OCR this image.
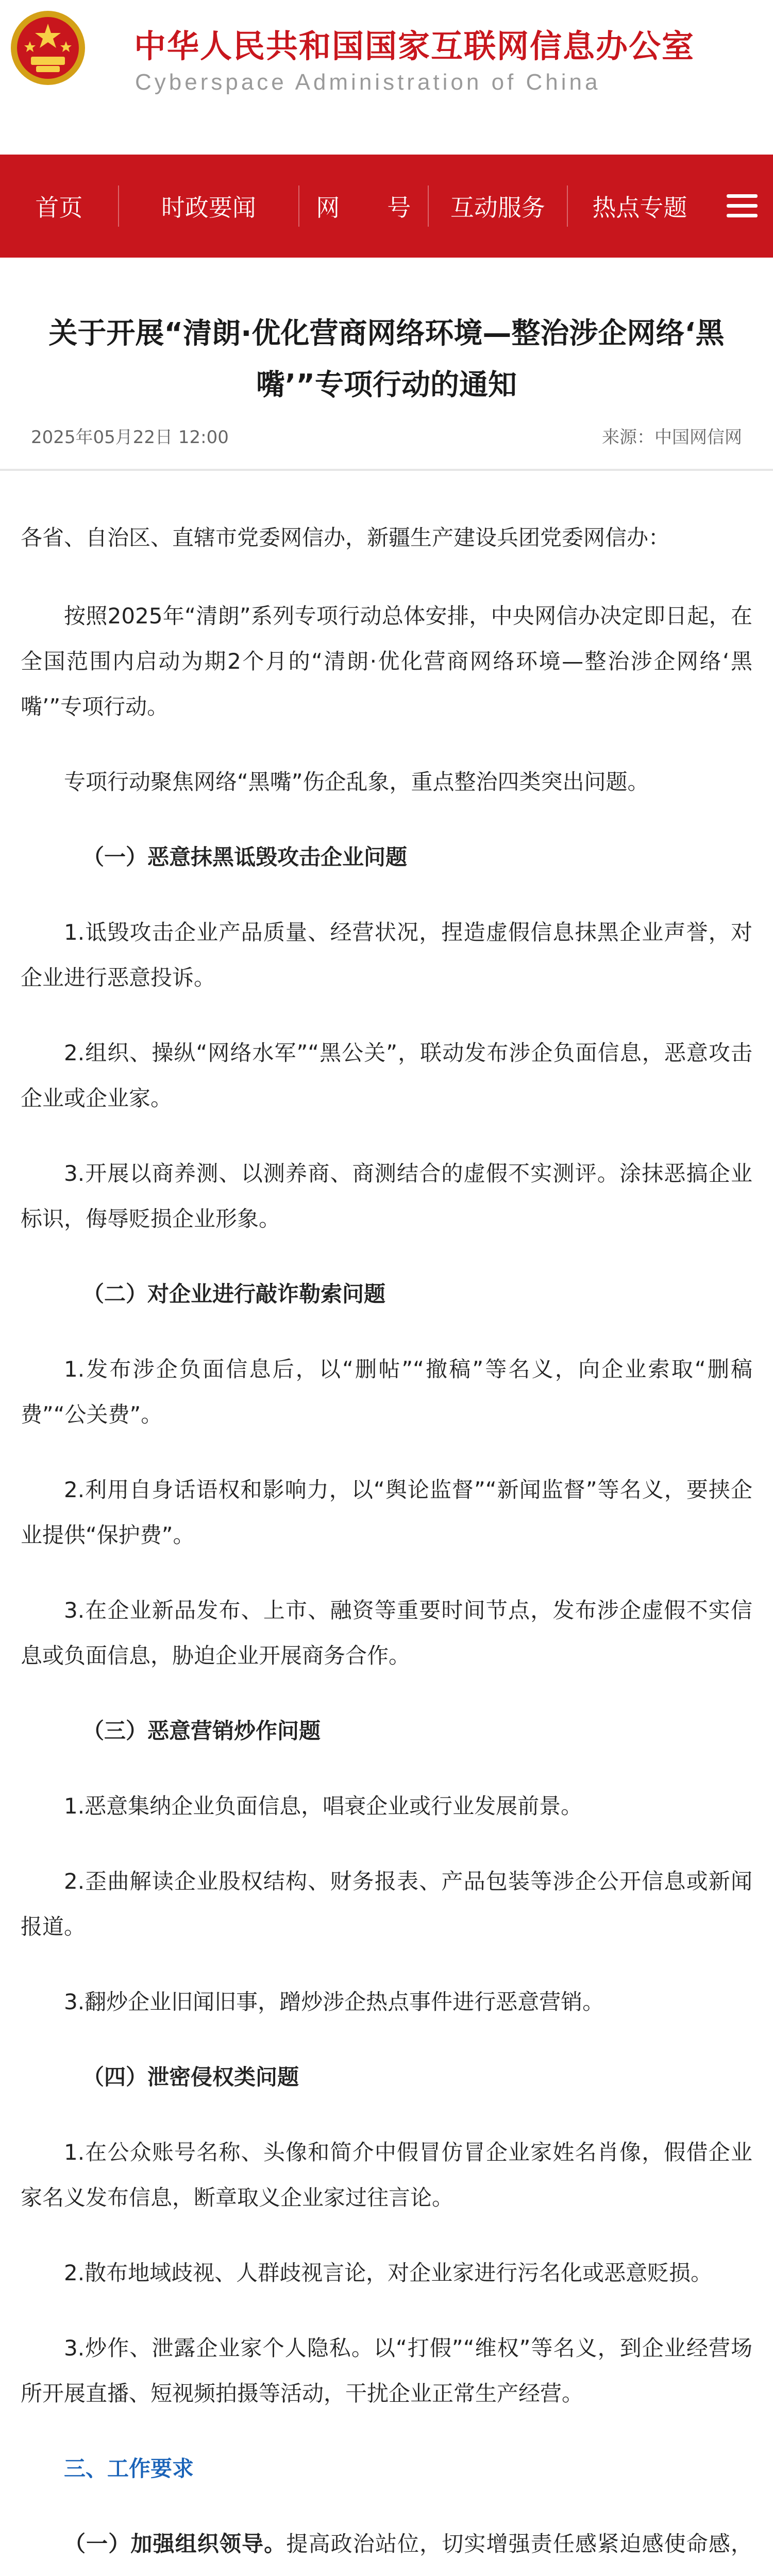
中华人民共和国国家互联网信息办公室
Cyberspace Administration of China
首页	时政要闻	网　　号	互动服务	热点专题
关于开展“清朗·优化营商网络环境—整治涉企网络‘黑嘴’”专项行动的通知
2025年05月22日 12:00	来源：中国网信网

各省、自治区、直辖市党委网信办，新疆生产建设兵团党委网信办：

按照2025年“清朗”系列专项行动总体安排，中央网信办决定即日起，在全国范围内启动为期2个月的“清朗·优化营商网络环境—整治涉企网络‘黑嘴’”专项行动。

专项行动聚焦网络“黑嘴”伤企乱象，重点整治四类突出问题。

（一）恶意抹黑诋毁攻击企业问题

1.诋毁攻击企业产品质量、经营状况，捏造虚假信息抹黑企业声誉，对企业进行恶意投诉。

2.组织、操纵“网络水军”“黑公关”，联动发布涉企负面信息，恶意攻击企业或企业家。

3.开展以商养测、以测养商、商测结合的虚假不实测评。涂抹恶搞企业标识，侮辱贬损企业形象。

（二）对企业进行敲诈勒索问题

1.发布涉企负面信息后，以“删帖”“撤稿”等名义，向企业索取“删稿费”“公关费”。

2.利用自身话语权和影响力，以“舆论监督”“新闻监督”等名义，要挟企业提供“保护费”。

3.在企业新品发布、上市、融资等重要时间节点，发布涉企虚假不实信息或负面信息，胁迫企业开展商务合作。

（三）恶意营销炒作问题

1.恶意集纳企业负面信息，唱衰企业或行业发展前景。

2.歪曲解读企业股权结构、财务报表、产品包装等涉企公开信息或新闻报道。

3.翻炒企业旧闻旧事，蹭炒涉企热点事件进行恶意营销。

（四）泄密侵权类问题

1.在公众账号名称、头像和简介中假冒仿冒企业家姓名肖像，假借企业家名义发布信息，断章取义企业家过往言论。

2.散布地域歧视、人群歧视言论，对企业家进行污名化或恶意贬损。

3.炒作、泄露企业家个人隐私。以“打假”“维权”等名义，到企业经营场所开展直播、短视频拍摄等活动，干扰企业正常生产经营。

三、工作要求

（一）加强组织领导。提高政治站位，切实增强责任感紧迫感使命感，
